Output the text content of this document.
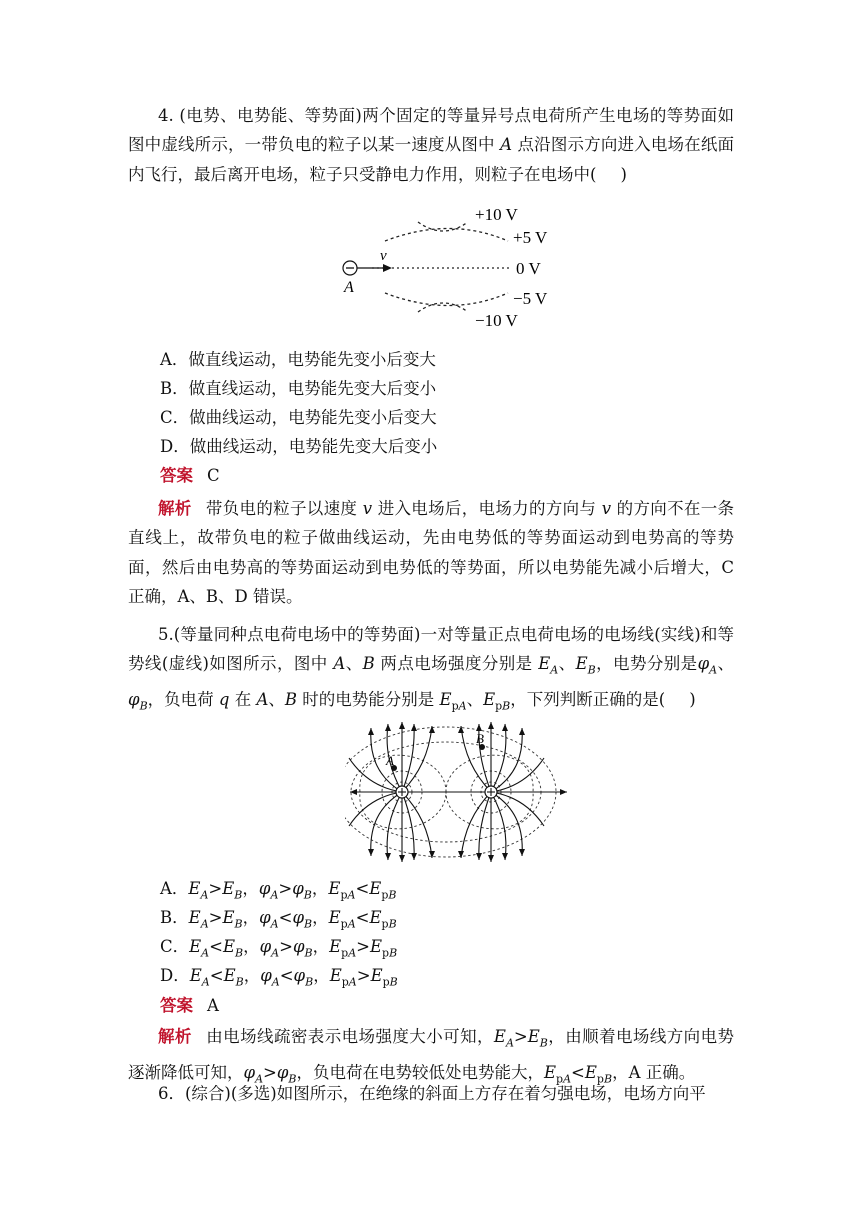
4. (电势、电势能、等势面)两个固定的等量异号点电荷所产生电场的等势面如图中虚线所示，一带负电的粒子以某一速度从图中 A 点沿图示方向进入电场在纸面内飞行，最后离开电场，粒子只受静电力作用，则粒子在电场中( )

v
A
+10 V
+5 V
0 V
−5 V
−10 V
A．做直线运动，电势能先变小后变大
B．做直线运动，电势能先变大后变小
C．做曲线运动，电势能先变小后变大
D．做曲线运动，电势能先变大后变小
答案 C

解析 带负电的粒子以速度 v 进入电场后，电场力的方向与 v 的方向不在一条直线上，故带负电的粒子做曲线运动，先由电势低的等势面运动到电势高的等势面，然后由电势高的等势面运动到电势低的等势面，所以电势能先减小后增大，C 正确，A、B、D 错误。

5.(等量同种点电荷电场中的等势面)一对等量正点电荷电场的电场线(实线)和等势线(虚线)如图所示，图中 A、B 两点电场强度分别是 $E_A$、$E_B$，电势分别是$\varphi_A$、$\varphi_B$，负电荷 q 在 A、B 时的电势能分别是 $E_{pA}$、$E_{pB}$，下列判断正确的是( )

A
B
A．$E_A>E_B$，$\varphi_A>\varphi_B$，$E_{pA}<E_{pB}$
B．$E_A>E_B$，$\varphi_A<\varphi_B$，$E_{pA}<E_{pB}$
C．$E_A<E_B$，$\varphi_A>\varphi_B$，$E_{pA}>E_{pB}$
D．$E_A<E_B$，$\varphi_A<\varphi_B$，$E_{pA}>E_{pB}$
答案 A

解析 由电场线疏密表示电场强度大小可知，$E_A>E_B$，由顺着电场线方向电势逐渐降低可知，$\varphi_A>\varphi_B$，负电荷在电势较低处电势能大，$E_{pA}<E_{pB}$，A 正确。

6．(综合)(多选)如图所示，在绝缘的斜面上方存在着匀强电场，电场方向平
